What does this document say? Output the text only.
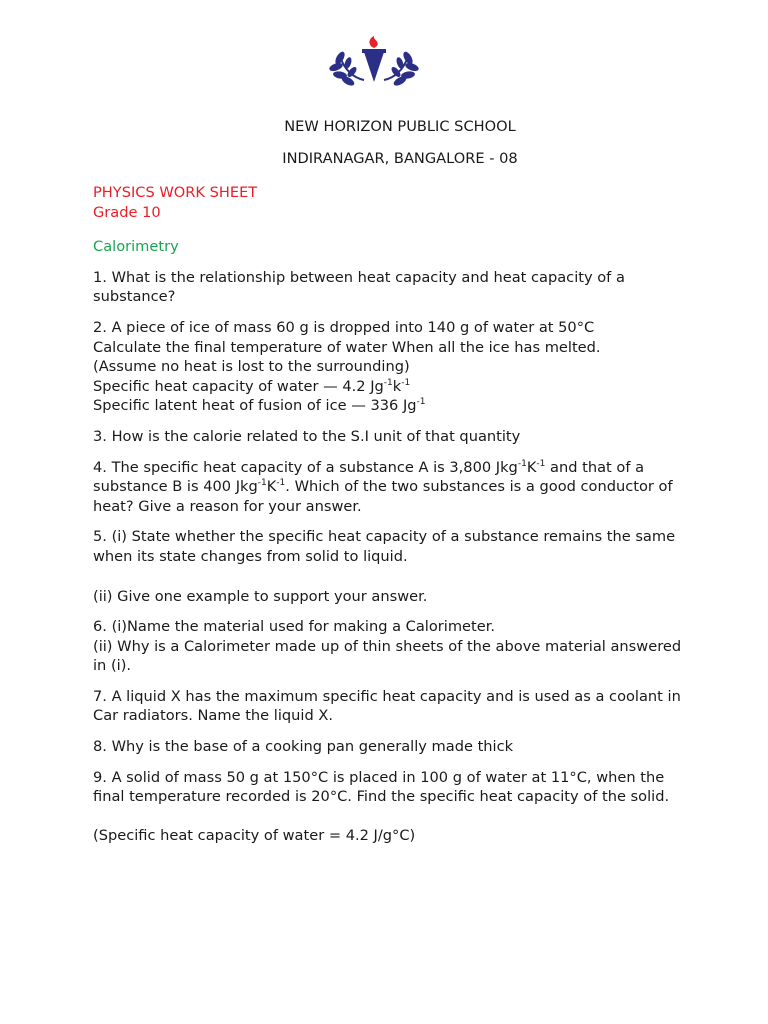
NEW HORIZON PUBLIC SCHOOL
INDIRANAGAR, BANGALORE - 08

PHYSICS WORK SHEET

Grade 10

Calorimetry

1. What is the relationship between heat capacity and heat capacity of a substance?

2. A piece of ice of mass 60 g is dropped into 140 g of water at 50°C

Calculate the final temperature of water When all the ice has melted.

(Assume no heat is lost to the surrounding)

Specific heat capacity of water — 4.2 $Jg^{-1}k^{-1}$

Specific latent heat of fusion of ice — 336 $Jg^{-1}$

3. How is the calorie related to the S.I unit of that quantity

4. The specific heat capacity of a substance A is 3,800 $Jkg^{-1}K^{-1}$ and that of a substance B is 400 $Jkg^{-1}K^{-1}$. Which of the two substances is a good conductor of heat? Give a reason for your answer.

5. (i) State whether the specific heat capacity of a substance remains the same when its state changes from solid to liquid.

(ii) Give one example to support your answer.

6. (i)Name the material used for making a Calorimeter.

(ii) Why is a Calorimeter made up of thin sheets of the above material answered in (i).

7. A liquid X has the maximum specific heat capacity and is used as a coolant in Car radiators. Name the liquid X.

8. Why is the base of a cooking pan generally made thick

9. A solid of mass 50 g at 150°C is placed in 100 g of water at 11°C, when the final temperature recorded is 20°C. Find the specific heat capacity of the solid.

(Specific heat capacity of water = 4.2 J/g°C)
